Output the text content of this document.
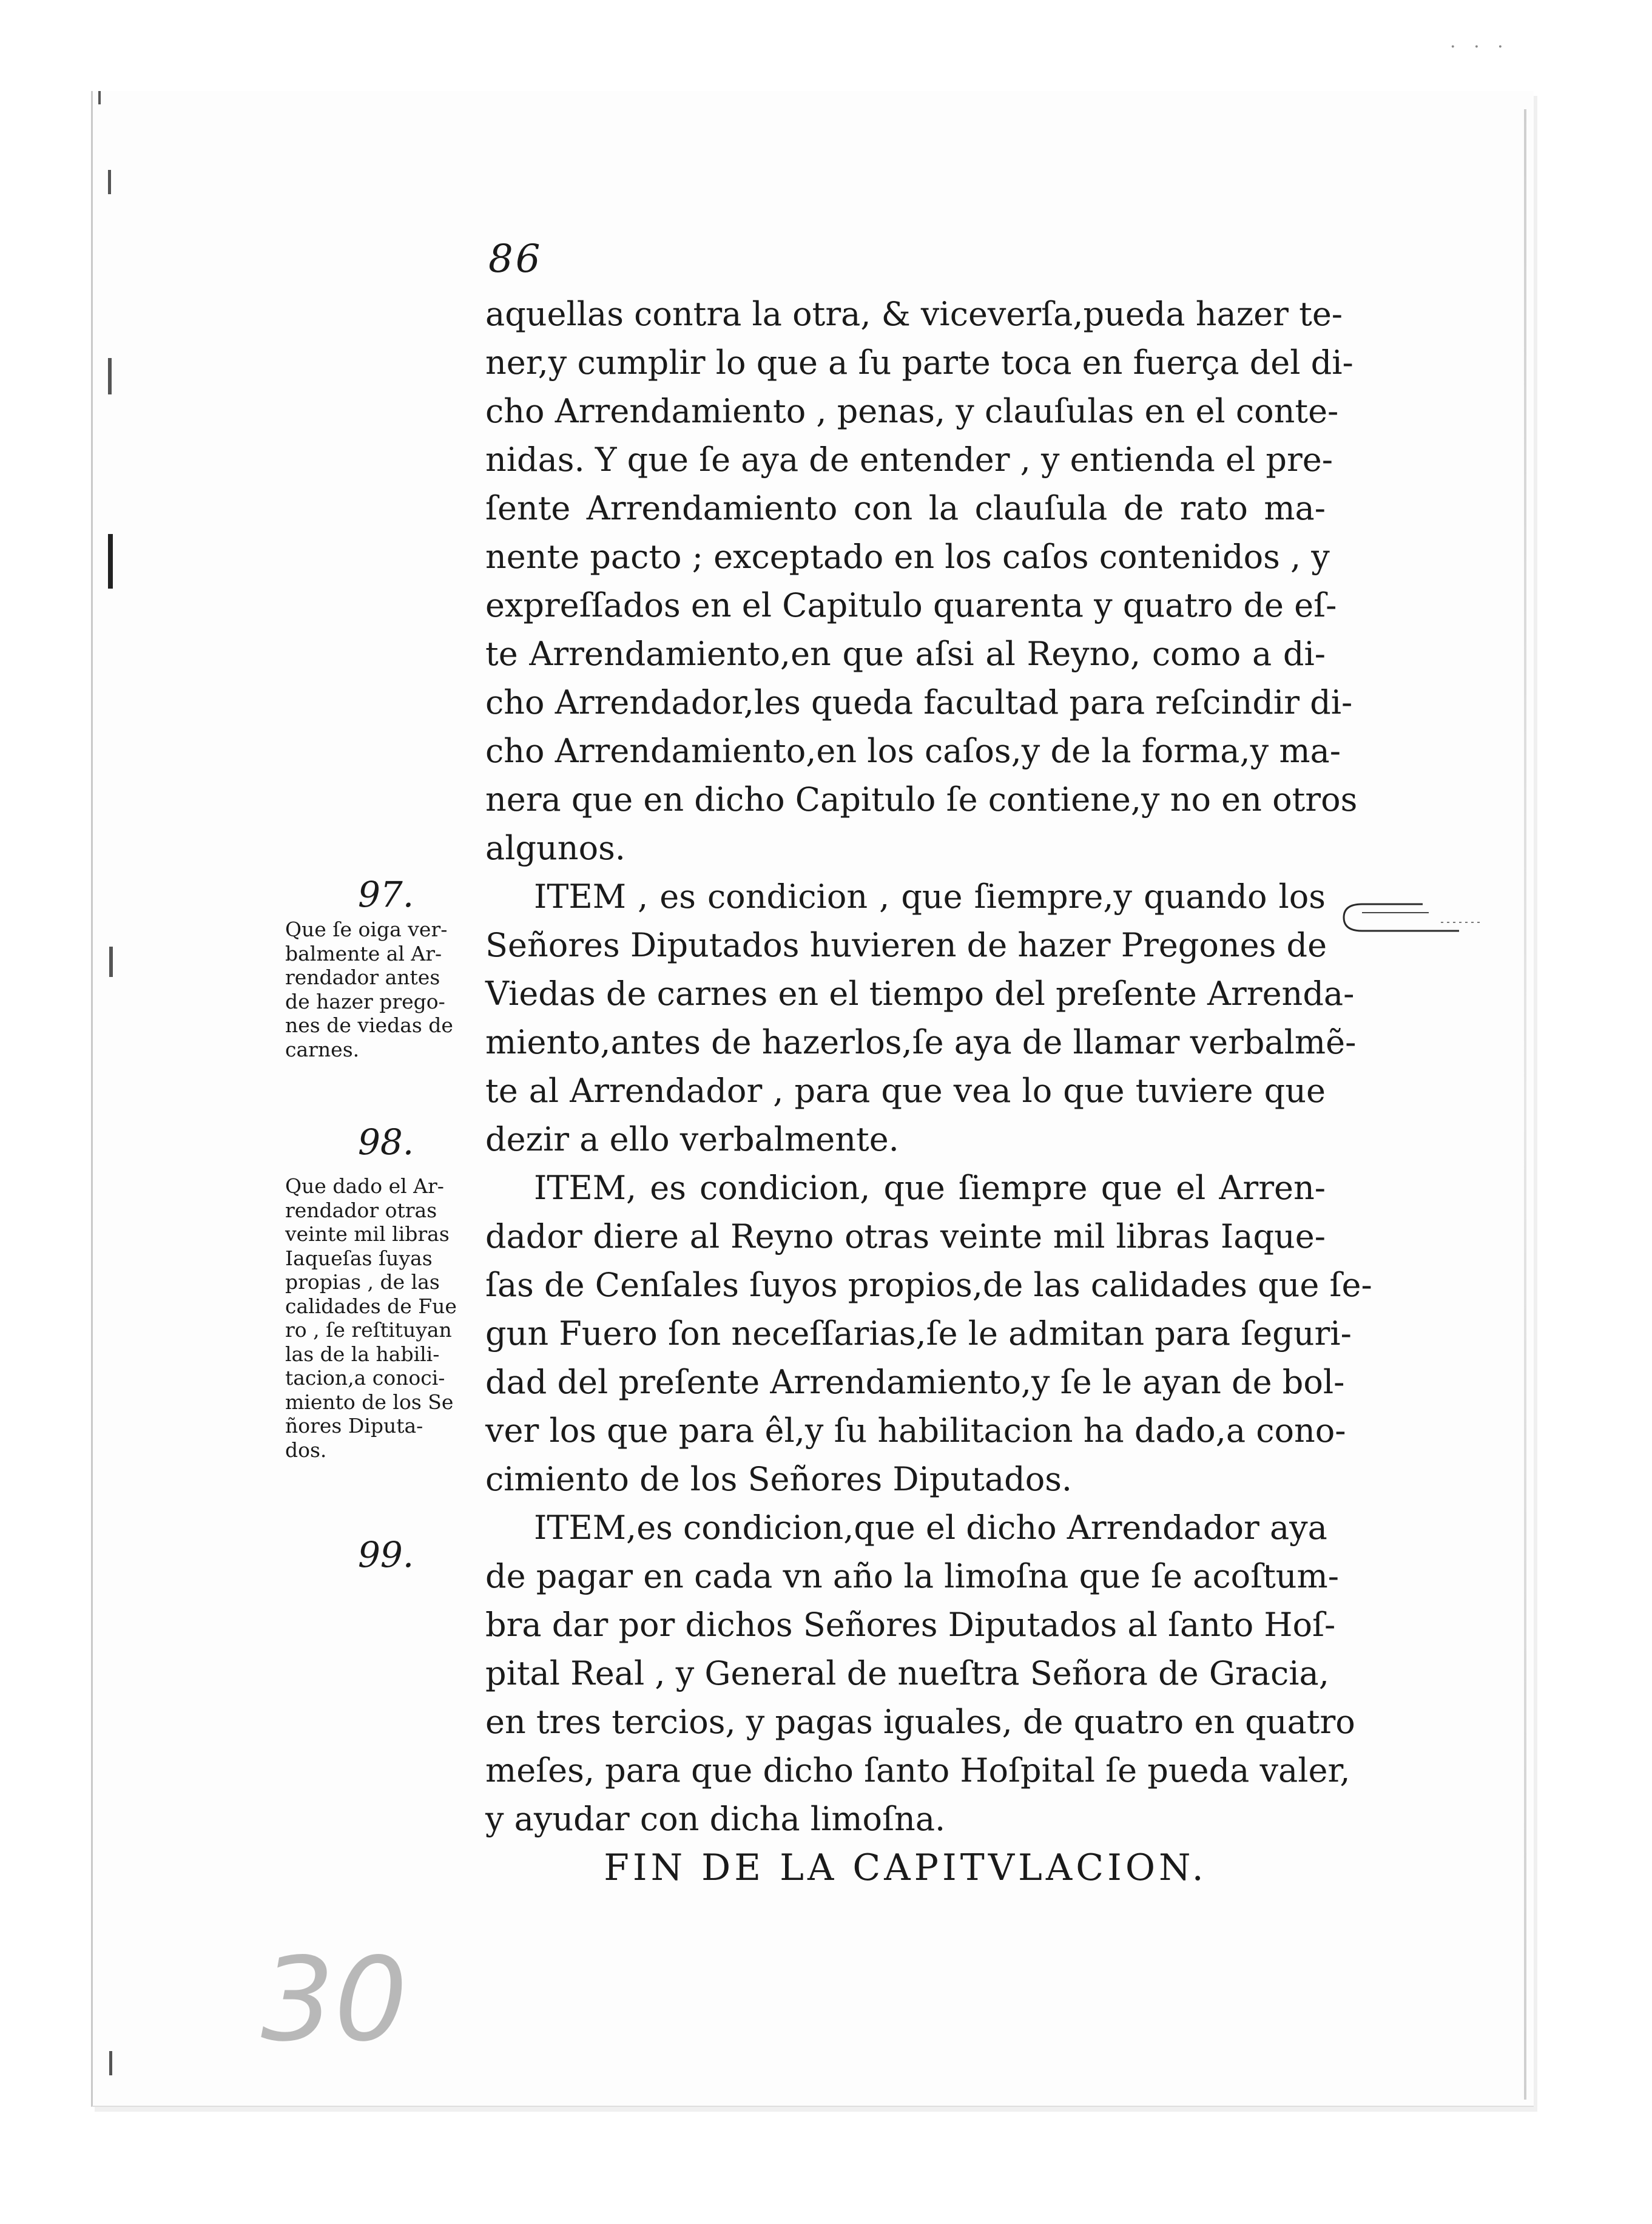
· · ·
86
aquellas contra la otra, & viceverſa,pueda hazer te-
ner,y cumplir lo que a ſu parte toca en fuerça del di-
cho Arrendamiento , penas, y clauſulas en el conte-
nidas. Y que ſe aya de entender , y entienda el pre-
ſente Arrendamiento con la clauſula de rato ma-
nente pacto ; exceptado en los caſos contenidos , y
expreſſados en el Capitulo quarenta y quatro de eſ-
te Arrendamiento,en que aſsi al Reyno, como a di-
cho Arrendador,les queda facultad para reſcindir di-
cho Arrendamiento,en los caſos,y de la forma,y ma-
nera que en dicho Capitulo ſe contiene,y no en otros
algunos.
ITEM , es condicion , que ſiempre,y quando los
Señores Diputados huvieren de hazer Pregones de
Viedas de carnes en el tiempo del preſente Arrenda-
miento,antes de hazerlos,ſe aya de llamar verbalmẽ-
te al Arrendador , para que vea lo que tuviere que
dezir a ello verbalmente.
ITEM, es condicion, que ſiempre que el Arren-
dador diere al Reyno otras veinte mil libras Iaque-
ſas de Cenſales ſuyos propios,de las calidades que ſe-
gun Fuero ſon neceſſarias,ſe le admitan para ſeguri-
dad del preſente Arrendamiento,y ſe le ayan de bol-
ver los que para êl,y ſu habilitacion ha dado,a cono-
cimiento de los Señores Diputados.
ITEM,es condicion,que el dicho Arrendador aya
de pagar en cada vn año la limoſna que ſe acoſtum-
bra dar por dichos Señores Diputados al ſanto Hoſ-
pital Real , y General de nueſtra Señora de Gracia,
en tres tercios, y pagas iguales, de quatro en quatro
meſes, para que dicho ſanto Hoſpital ſe pueda valer,
y ayudar con dicha limoſna.
FIN DE LA CAPITVLACION.
97.
Que ſe oiga ver-
balmente al Ar-
rendador antes
de hazer prego-
nes de viedas de
carnes.
98.
Que dado el Ar-
rendador otras
veinte mil libras
Iaqueſas ſuyas
propias , de las
calidades de Fue
ro , ſe reſtituyan
las de la habili-
tacion,a conoci-
miento de los Se
ñores Diputa-
dos.
99.
30
